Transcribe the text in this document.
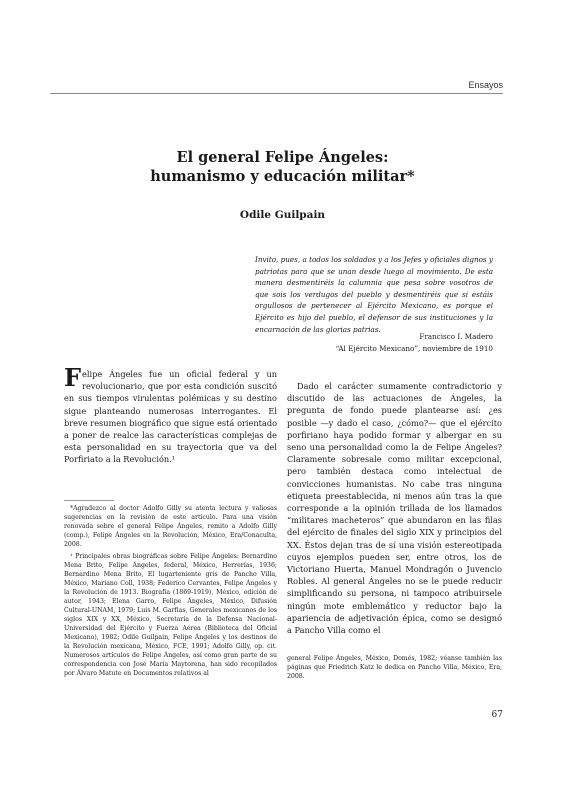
Ensayos
El general Felipe Ángeles:
humanismo y educación militar*
Odile Guilpain
Invito, pues, a todos los soldados y a los Jefes y oficiales dignos y patriotas para que se unan desde luego al movimiento. De esta manera desmentiréis la calumnia que pesa sobre vosotros de que sois los verdugos del pueblo y desmentiréis que si estáis orgullosos de pertenecer al Ejército Mexicano, es porque el Ejército es hijo del pueblo, el defensor de sus instituciones y la encarnación de las glorias patrias.
Francisco I. Madero
“Al Ejército Mexicano”, noviembre de 1910
F elipe Ángeles fue un oficial federal y un revolucionario, que por esta condición suscitó en sus tiempos virulentas polémicas y su destino sigue planteando numerosas interrogantes. El breve resumen biográfico que sigue está orientado a poner de realce las características complejas de esta personalidad en su trayectoria que va del Porfiriato a la Revolución.¹

*Agradezco al doctor Adolfo Gilly su atenta lectura y valiosas sugerencias en la revisión de este artículo. Para una visión renovada sobre el general Felipe Ángeles, remito a Adolfo Gilly (comp.), Felipe Ángeles en la Revolución, México, Era/Conaculta, 2008.

¹ Principales obras biográficas sobre Felipe Ángeles: Bernardino Mena Brito, Felipe Ángeles, federal, México, Herrerías, 1936; Bernardino Mena Brito, El lugarteniente gris de Pancho Villa, México, Mariano Coll, 1938; Federico Cervantes, Felipe Ángeles y la Revolución de 1913. Biografía (1869-1919), México, edición de autor, 1943; Elena Garro, Felipe Ángeles, México, Difusión Cultural-UNAM, 1979; Luis M. Garfias, Generales mexicanos de los siglos XIX y XX, México, Secretaría de la Defensa Nacional-Universidad del Ejército y Fuerza Aérea (Biblioteca del Oficial Mexicano), 1982; Odile Guilpain, Felipe Ángeles y los destinos de la Revolución mexicana, México, FCE, 1991; Adolfo Gilly, op. cit. Numerosos artículos de Felipe Ángeles, así como gran parte de su correspondencia con José María Maytorena, han sido recopilados por Álvaro Matute en Documentos relativos al

Dado el carácter sumamente contradictorio y discutido de las actuaciones de Ángeles, la pregunta de fondo puede plantearse así: ¿es posible —y dado el caso, ¿cómo?— que el ejército porfiriano haya podido formar y albergar en su seno una personalidad como la de Felipe Ángeles? Claramente sobresale como militar excepcional, pero también destaca como intelectual de convicciones humanistas. No cabe tras ninguna etiqueta preestablecida, ni menos aún tras la que corresponde a la opinión trillada de los llamados “militares macheteros” que abundaron en las filas del ejército de finales del siglo XIX y principios del XX. Éstos dejan tras de sí una visión estereotipada cuyos ejemplos pueden ser, entre otros, los de Victoriano Huerta, Manuel Mondragón o Juvencio Robles. Al general Ángeles no se le puede reducir simplificando su persona, ni tampoco atribuirsele ningún mote emblemático y reductor bajo la apariencia de adjetivación épica, como se designó a Pancho Villa como el

general Felipe Ángeles, México, Domés, 1982; véanse también las páginas que Friedrich Katz le dedica en Pancho Villa, México, Era, 2008.
67
